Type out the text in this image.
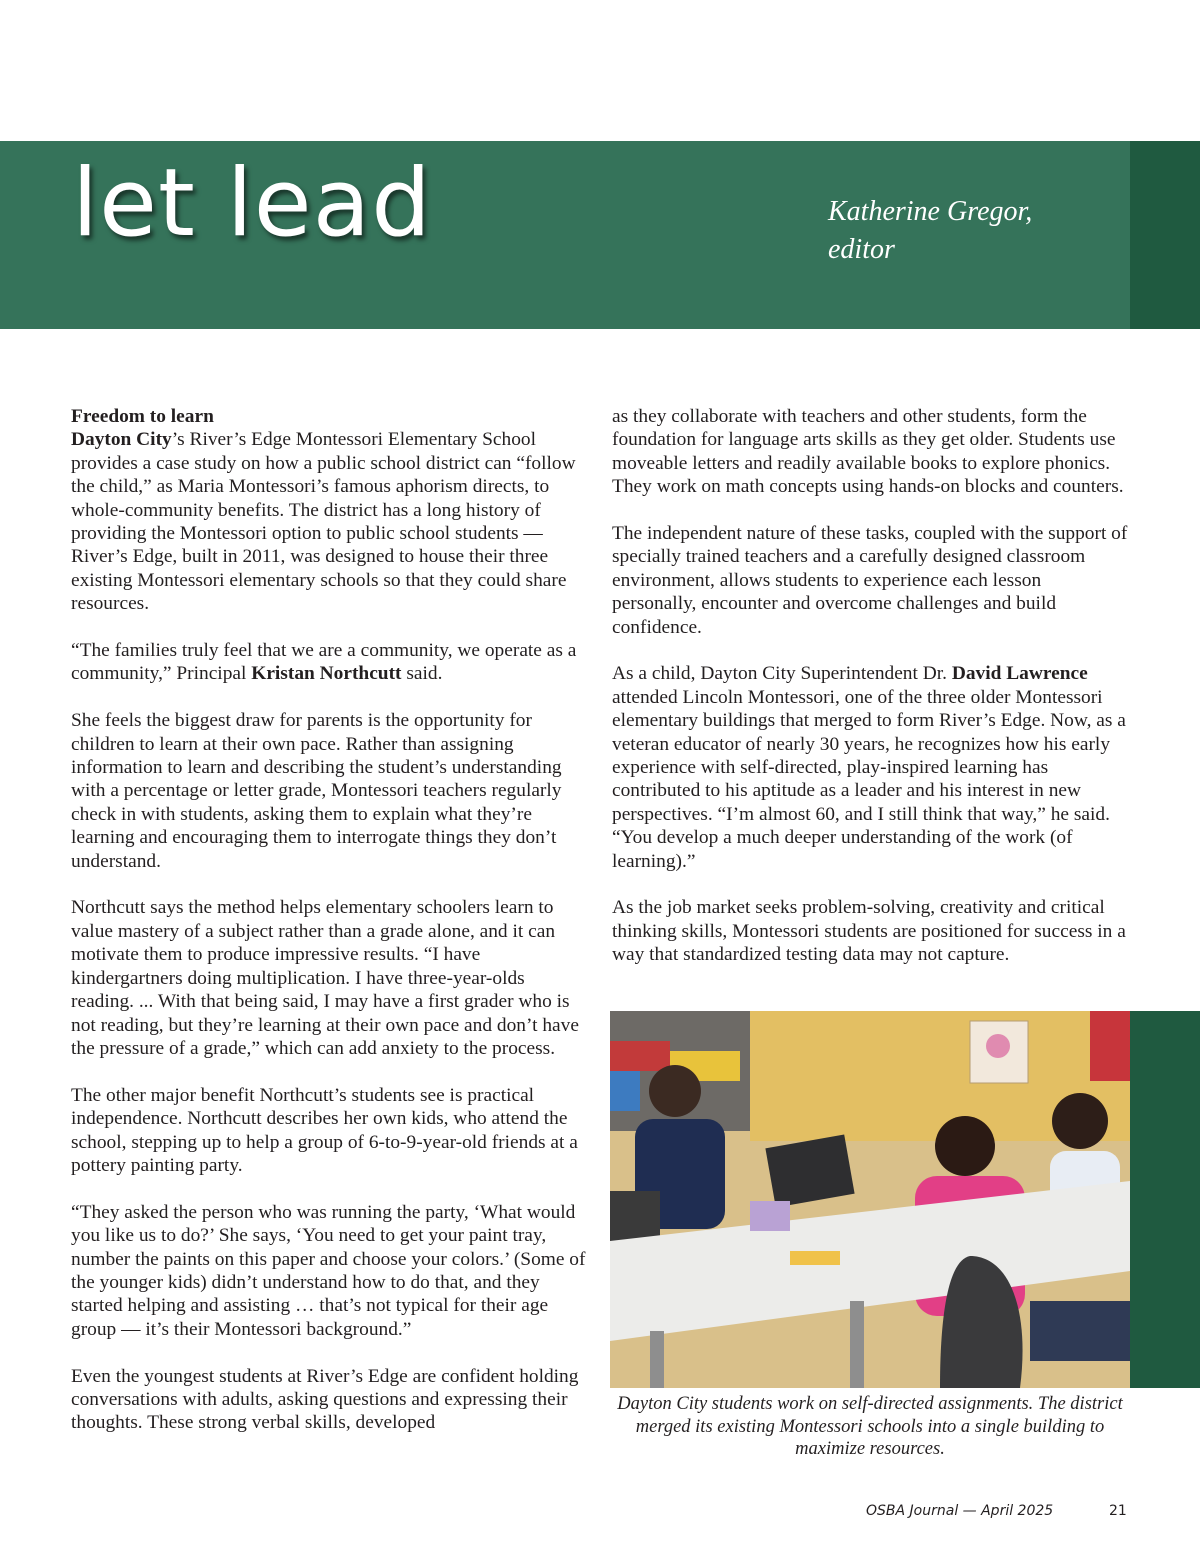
let lead	Katherine Gregor,
editor
Freedom to learn

Dayton City’s River’s Edge Montessori Elementary School provides a case study on how a public school district can “follow the child,” as Maria Montessori’s famous aphorism directs, to whole-community benefits. The district has a long history of providing the Montessori option to public school students — River’s Edge, built in 2011, was designed to house their three existing Montessori elementary schools so that they could share resources.

“The families truly feel that we are a community, we operate as a community,” Principal Kristan Northcutt said.

She feels the biggest draw for parents is the opportunity for children to learn at their own pace. Rather than assigning information to learn and describing the student’s understanding with a percentage or letter grade, Montessori teachers regularly check in with students, asking them to explain what they’re learning and encouraging them to interrogate things they don’t understand.

Northcutt says the method helps elementary schoolers learn to value mastery of a subject rather than a grade alone, and it can motivate them to produce impressive results. “I have kindergartners doing multiplication. I have three-year-olds reading. ... With that being said, I may have a first grader who is not reading, but they’re learning at their own pace and don’t have the pressure of a grade,” which can add anxiety to the process.

The other major benefit Northcutt’s students see is practical independence. Northcutt describes her own kids, who attend the school, stepping up to help a group of 6-to-9-year-old friends at a pottery painting party.

“They asked the person who was running the party, ‘What would you like us to do?’ She says, ‘You need to get your paint tray, number the paints on this paper and choose your colors.’ (Some of the younger kids) didn’t understand how to do that, and they started helping and assisting … that’s not typical for their age group — it’s their Montessori background.”

Even the youngest students at River’s Edge are confident holding conversations with adults, asking questions and expressing their thoughts. These strong verbal skills, developed

as they collaborate with teachers and other students, form the foundation for language arts skills as they get older. Students use moveable letters and readily available books to explore phonics. They work on math concepts using hands-on blocks and counters.

The independent nature of these tasks, coupled with the support of specially trained teachers and a carefully designed classroom environment, allows students to experience each lesson personally, encounter and overcome challenges and build confidence.

As a child, Dayton City Superintendent Dr. David Lawrence attended Lincoln Montessori, one of the three older Montessori elementary buildings that merged to form River’s Edge. Now, as a veteran educator of nearly 30 years, he recognizes how his early experience with self-directed, play-inspired learning has contributed to his aptitude as a leader and his interest in new perspectives. “I’m almost 60, and I still think that way,” he said. “You develop a much deeper understanding of the work (of learning).”

As the job market seeks problem-solving, creativity and critical thinking skills, Montessori students are positioned for success in a way that standardized testing data may not capture.

Dayton City students work on self-directed assignments. The district merged its existing Montessori schools into a single building to maximize resources.
OSBA Journal — April 2025	21
